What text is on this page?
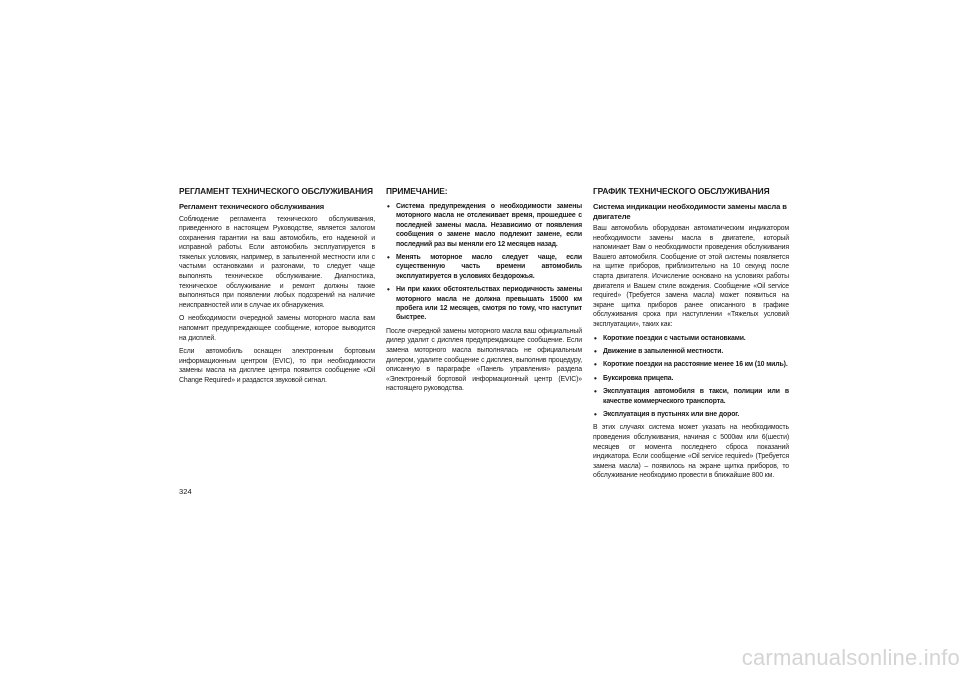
РЕГЛАМЕНТ ТЕХНИЧЕСКОГО ОБСЛУЖИВАНИЯ
Регламент технического обслуживания

Соблюдение регламента технического обслуживания, приведенного в настоящем Руководстве, является залогом сохранения гарантии на ваш автомобиль, его надежной и исправной работы. Если автомобиль эксплуатируется в тяжелых условиях, например, в запыленной местности или с частыми остановками и разгонами, то следует чаще выполнять техническое обслуживание. Диагностика, техническое обслуживание и ремонт должны также выполняться при появлении любых подозрений на наличие неисправностей или в случае их обнаружения.

О необходимости очередной замены моторного масла вам напомнит предупреждающее сообщение, которое выводится на дисплей.

Если автомобиль оснащен электронным бортовым информационным центром (EVIC), то при необходимости замены масла на дисплее центра появится сообщение «Oil Change Required» и раздастся звуковой сигнал.

ПРИМЕЧАНИЕ:
• Система предупреждения о необходимости замены моторного масла не отслеживает время, прошедшее с последней замены масла. Независимо от появления сообщения о замене масло подлежит замене, если последний раз вы меняли его 12 месяцев назад.
• Менять моторное масло следует чаще, если существенную часть времени автомобиль эксплуатируется в условиях бездорожья.
• Ни при каких обстоятельствах периодичность замены моторного масла не должна превышать 15000 км пробега или 12 месяцев, смотря по тому, что наступит быстрее.

После очередной замены моторного масла ваш официальный дилер удалит с дисплея предупреждающее сообщение. Если замена моторного масла выполнялась не официальным дилером, удалите сообщение с дисплея, выполнив процедуру, описанную в параграфе «Панель управления» раздела «Электронный бортовой информационный центр (EVIC)» настоящего руководства.

ГРАФИК ТЕХНИЧЕСКОГО ОБСЛУЖИВАНИЯ
Система индикации необходимости замены масла в двигателе

Ваш автомобиль оборудован автоматическим индикатором необходимости замены масла в двигателе, который напоминает Вам о необходимости проведения обслуживания Вашего автомобиля. Сообщение от этой системы появляется на щитке приборов, приблизительно на 10 секунд после старта двигателя. Исчисление основано на условиях работы двигателя и Вашем стиле вождения. Сообщение «Oil service required» (Требуется замена масла) может появиться на экране щитка приборов ранее описанного в графике обслуживания срока при наступлении «Тяжелых условий эксплуатации», таких как:

• Короткие поездки с частыми остановками.
• Движение в запыленной местности.
• Короткие поездки на расстояние менее 16 км (10 миль).
• Буксировка прицепа.
• Эксплуатация автомобиля в такси, полиции или в качестве коммерческого транспорта.
• Эксплуатация в пустынях или вне дорог.

В этих случаях система может указать на необходимость проведения обслуживания, начиная с 5000км или 6(шести) месяцев от момента последнего сброса показаний индикатора. Если сообщение «Oil service required» (Требуется замена масла) – появилось на экране щитка приборов, то обслуживание необходимо провести в ближайшие 800 км.

324
carmanualsonline.info
